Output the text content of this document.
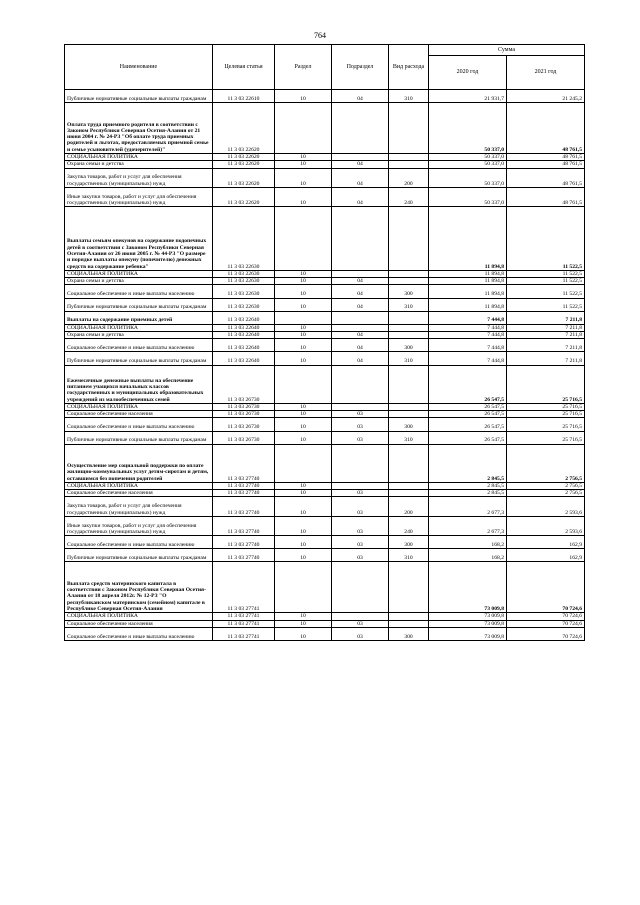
764
Наименование	Целевая статья	Раздел	Подраздел	Вид расхода	Сумма	
					2020 год	2021 год
Публичные нормативные социальные выплаты гражданам	11 3 03 22610	10	04	310	21 931,7	21 245,2
Оплата труда приемного родителя в соответствии с Законом Республики Северная Осетия-Алания от 21 июня 2004 г. № 24-РЗ "Об оплате труда приемных родителей и льготах, предоставляемых приемной семье и семье усыновителей (удочерителей)"	11 3 03 22620				50 337,0	48 761,5
СОЦИАЛЬНАЯ ПОЛИТИКА	11 3 03 22620	10			50 337,0	48 761,5
Охрана семьи и детства	11 3 03 22620	10	04		50 337,0	48 761,5
Закупка товаров, работ и услуг для обеспечения государственных (муниципальных) нужд	11 3 03 22620	10	04	200	50 337,0	48 761,5
Иные закупки товаров, работ и услуг для обеспечения государственных (муниципальных) нужд	11 3 03 22620	10	04	240	50 337,0	48 761,5
Выплаты семьям опекунов на содержание подопечных детей в соответствии с Законом Республики Северная Осетия-Алания от 26 июня 2005 г. № 44-РЗ "О размере и порядке выплаты опекуну (попечителю) денежных средств на содержание ребенка"	11 3 03 22630				11 894,8	11 522,5
СОЦИАЛЬНАЯ ПОЛИТИКА	11 3 03 22630	10			11 894,8	11 522,5
Охрана семьи и детства	11 3 03 22630	10	04		11 894,8	11 522,5
Социальное обеспечение и иные выплаты населению	11 3 03 22630	10	04	300	11 894,8	11 522,5
Публичные нормативные социальные выплаты гражданам	11 3 03 22630	10	04	310	11 894,8	11 522,5
Выплаты на содержание приемных детей	11 3 03 22640				7 444,8	7 211,8
СОЦИАЛЬНАЯ ПОЛИТИКА	11 3 03 22640	10			7 444,8	7 211,8
Охрана семьи и детства	11 3 03 22640	10	04		7 444,8	7 211,8
Социальное обеспечение и иные выплаты населению	11 3 03 22640	10	04	300	7 444,8	7 211,8
Публичные нормативные социальные выплаты гражданам	11 3 03 22640	10	04	310	7 444,8	7 211,8
Ежемесячные денежные выплаты на обеспечение питанием учащихся начальных классов государственных и муниципальных образовательных учреждений из малообеспеченных семей	11 3 03 26730				26 547,5	25 716,5
СОЦИАЛЬНАЯ ПОЛИТИКА	11 3 03 26730	10			26 547,5	25 716,5
Социальное обеспечение населения	11 3 03 26730	10	03		26 547,5	25 716,5
Социальное обеспечение и иные выплаты населению	11 3 03 26730	10	03	300	26 547,5	25 716,5
Публичные нормативные социальные выплаты гражданам	11 3 03 26730	10	03	310	26 547,5	25 716,5
Осуществление мер социальной поддержки по оплате жилищно-коммунальных услуг детям-сиротам и детям, оставшимся без попечения родителей	11 3 03 27740				2 845,5	2 756,5
СОЦИАЛЬНАЯ ПОЛИТИКА	11 3 03 27740	10			2 845,5	2 756,5
Социальное обеспечение населения	11 3 03 27740	10	03		2 845,5	2 756,5
Закупка товаров, работ и услуг для обеспечения государственных (муниципальных) нужд	11 3 03 27740	10	03	200	2 677,3	2 593,6
Иные закупки товаров, работ и услуг для обеспечения государственных (муниципальных) нужд	11 3 03 27740	10	03	240	2 677,3	2 593,6
Социальное обеспечение и иные выплаты населению	11 3 03 27740	10	03	300	168,2	162,9
Публичные нормативные социальные выплаты гражданам	11 3 03 27740	10	03	310	168,2	162,9
Выплата средств материнского капитала в соответствии с Законом Республики Северная Осетия-Алания от 18 апреля 2012г. № 12-РЗ "О республиканском материнском (семейном) капитале в Республике Северная Осетия-Алания	11 3 03 27741				73 009,8	70 724,6
СОЦИАЛЬНАЯ ПОЛИТИКА	11 3 03 27741	10			73 009,8	70 724,6
Социальное обеспечение населения	11 3 03 27741	10	03		73 009,8	70 724,6
Социальное обеспечение и иные выплаты населению	11 3 03 27741	10	03	300	73 009,8	70 724,6
